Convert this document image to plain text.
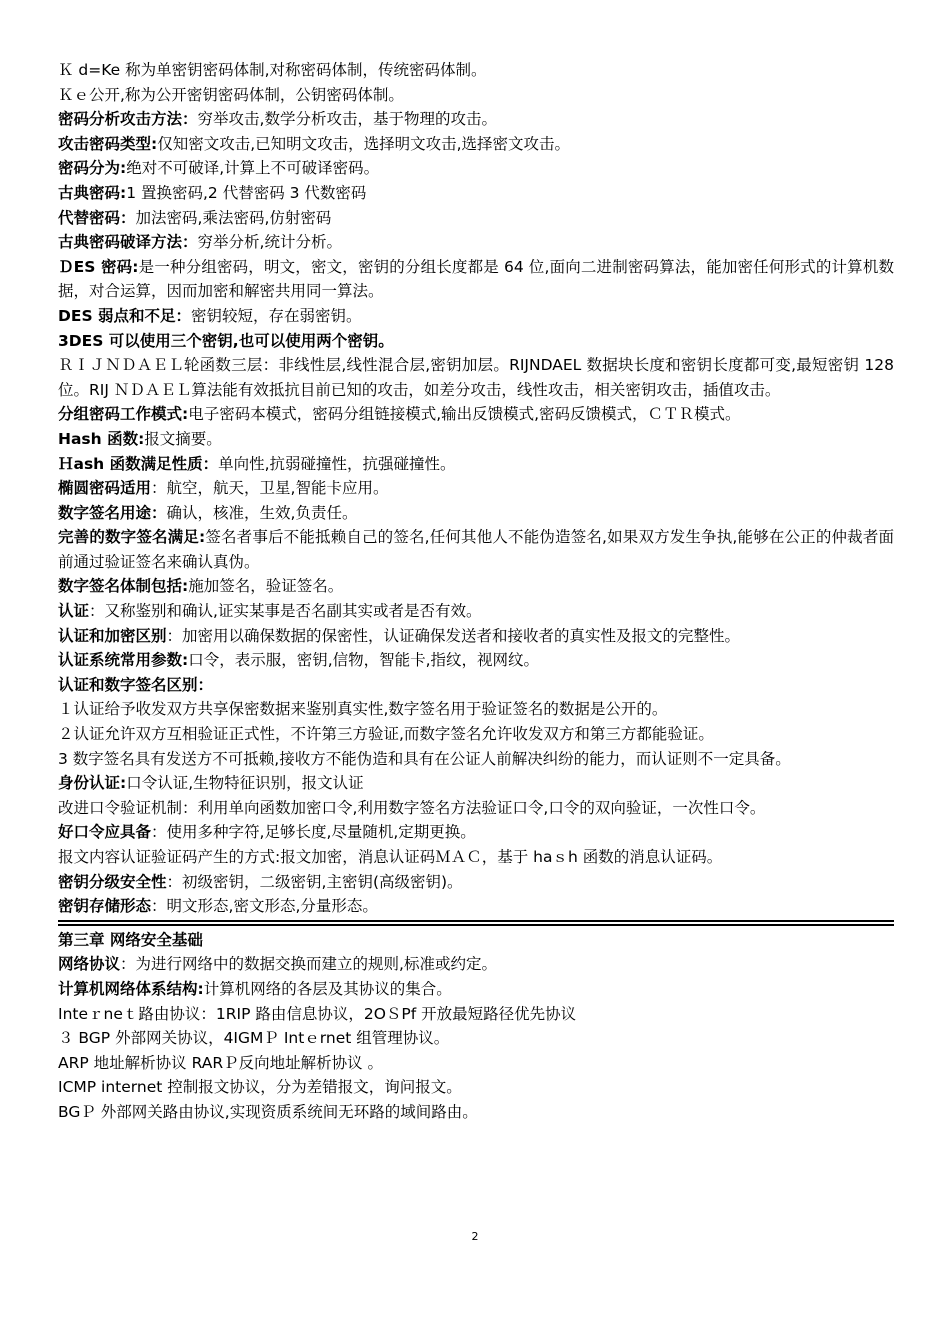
Ｋ d=Ke 称为单密钥密码体制,对称密码体制，传统密码体制。
Ｋｅ公开,称为公开密钥密码体制，公钥密码体制。
密码分析攻击方法：穷举攻击,数学分析攻击，基于物理的攻击。
攻击密码类型:仅知密文攻击,已知明文攻击，选择明文攻击,选择密文攻击。
密码分为:绝对不可破译,计算上不可破译密码。
古典密码:1 置换密码,2 代替密码 3 代数密码
代替密码：加法密码,乘法密码,仿射密码
古典密码破译方法：穷举分析,统计分析。
ＤES 密码:是一种分组密码，明文，密文，密钥的分组长度都是 64 位,面向二进制密码算法，能加密任何形式的计算机数据，对合运算，因而加密和解密共用同一算法。
DES 弱点和不足：密钥较短，存在弱密钥。
3DES 可以使用三个密钥,也可以使用两个密钥。
ＲＩＪＮＤＡＥＬ轮函数三层：非线性层,线性混合层,密钥加层。RIJNDAEL 数据块长度和密钥长度都可变,最短密钥 128 位。RIJ ＮＤＡＥＬ算法能有效抵抗目前已知的攻击，如差分攻击，线性攻击，相关密钥攻击，插值攻击。
分组密码工作模式:电子密码本模式，密码分组链接模式,输出反馈模式,密码反馈模式，ＣＴＲ模式。
Hash 函数:报文摘要。
Ｈash 函数满足性质：单向性,抗弱碰撞性，抗强碰撞性。
椭圆密码适用：航空，航天，卫星,智能卡应用。
数字签名用途：确认，核准，生效,负责任。
完善的数字签名满足:签名者事后不能抵赖自己的签名,任何其他人不能伪造签名,如果双方发生争执,能够在公正的仲裁者面前通过验证签名来确认真伪。
数字签名体制包括:施加签名，验证签名。
认证：又称鉴别和确认,证实某事是否名副其实或者是否有效。
认证和加密区别：加密用以确保数据的保密性，认证确保发送者和接收者的真实性及报文的完整性。
认证系统常用参数:口令，表示服，密钥,信物，智能卡,指纹，视网纹。
认证和数字签名区别：
１认证给予收发双方共享保密数据来鉴别真实性,数字签名用于验证签名的数据是公开的。
２认证允许双方互相验证正式性，不许第三方验证,而数字签名允许收发双方和第三方都能验证。
3 数字签名具有发送方不可抵赖,接收方不能伪造和具有在公证人前解决纠纷的能力，而认证则不一定具备。
身份认证:口令认证,生物特征识别，报文认证
改进口令验证机制：利用单向函数加密口令,利用数字签名方法验证口令,口令的双向验证，一次性口令。
好口令应具备：使用多种字符,足够长度,尽量随机,定期更换。
报文内容认证验证码产生的方式:报文加密，消息认证码ＭＡＣ，基于 haｓh 函数的消息认证码。
密钥分级安全性：初级密钥，二级密钥,主密钥(高级密钥)。
密钥存储形态：明文形态,密文形态,分量形态。
第三章 网络安全基础
网络协议：为进行网络中的数据交换而建立的规则,标准或约定。
计算机网络体系结构:计算机网络的各层及其协议的集合。
Inteｒneｔ路由协议：1RIP 路由信息协议，2OＳPf 开放最短路径优先协议
３ BGP 外部网关协议，4IGMＰ Intｅrnet 组管理协议。
ARP 地址解析协议 RARＰ反向地址解析协议 。
ICMP internet 控制报文协议，分为差错报文，询问报文。
BGＰ 外部网关路由协议,实现资质系统间无环路的域间路由。
2
